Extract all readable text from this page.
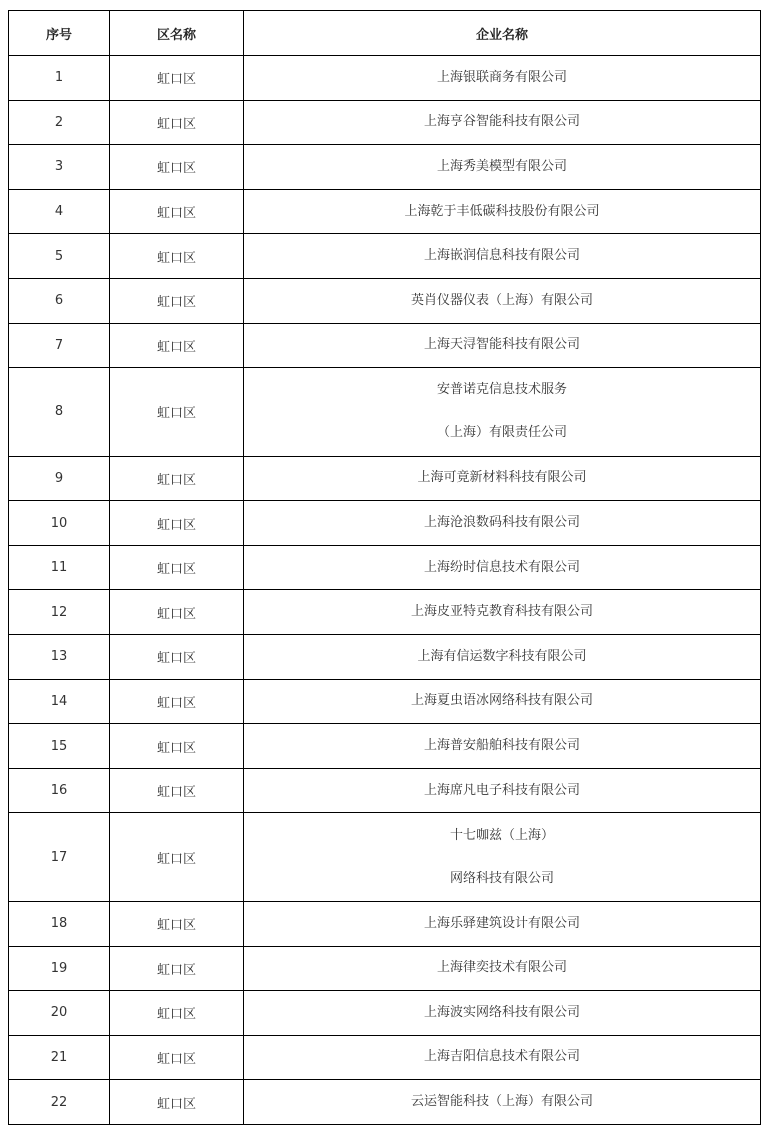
序号	区名称	企业名称
1	虹口区	上海银联商务有限公司

2	虹口区	上海亨谷智能科技有限公司

3	虹口区	上海秀美模型有限公司

4	虹口区	上海乾于丰低碳科技股份有限公司

5	虹口区	上海嵌润信息科技有限公司

6	虹口区	英肖仪器仪表（上海）有限公司

7	虹口区	上海天浔智能科技有限公司

8	虹口区	安普诺克信息技术服务
（上海）有限责任公司

9	虹口区	上海可竟新材料科技有限公司

10	虹口区	上海沧浪数码科技有限公司

11	虹口区	上海纷时信息技术有限公司

12	虹口区	上海皮亚特克教育科技有限公司

13	虹口区	上海有信运数字科技有限公司

14	虹口区	上海夏虫语冰网络科技有限公司

15	虹口区	上海普安船舶科技有限公司

16	虹口区	上海席凡电子科技有限公司

17	虹口区	十七咖兹（上海）
网络科技有限公司

18	虹口区	上海乐驿建筑设计有限公司

19	虹口区	上海律奕技术有限公司

20	虹口区	上海波实网络科技有限公司

21	虹口区	上海吉阳信息技术有限公司

22	虹口区	云运智能科技（上海）有限公司
